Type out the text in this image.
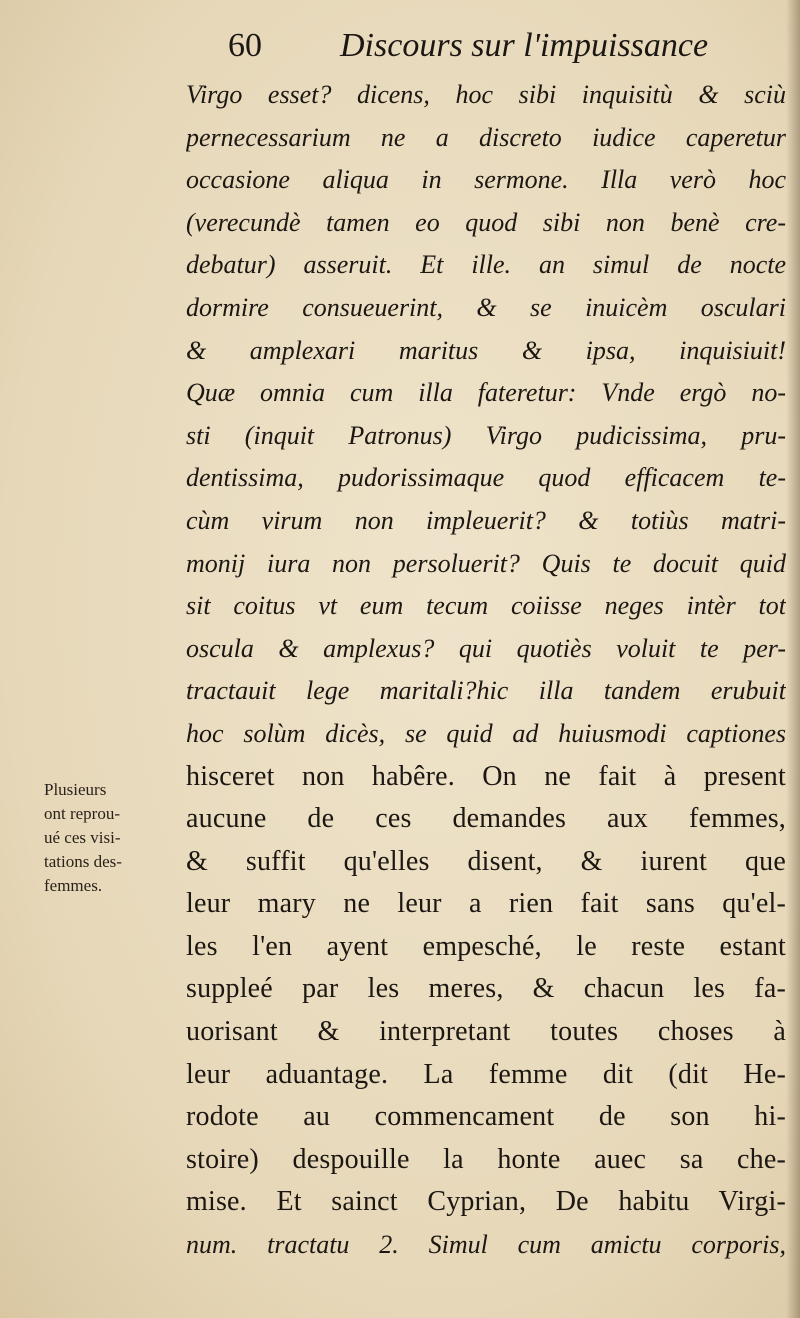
60 Discours sur l'impuissance
Virgo esset? dicens, hoc sibi inquisitù & sciù
pernecessarium ne a discreto iudice caperetur
occasione aliqua in sermone. Illa verò hoc
(verecundè tamen eo quod sibi non benè cre-
debatur) asseruit. Et ille. an simul de nocte
dormire consueuerint, & se inuicèm osculari
& amplexari maritus & ipsa, inquisiuit!
Quæ omnia cum illa fateretur: Vnde ergò no-
sti (inquit Patronus) Virgo pudicissima, pru-
dentissima, pudorissimaque quod efficacem te-
cùm virum non impleuerit? & totiùs matri-
monij iura non persoluerit? Quis te docuit quid
sit coitus vt eum tecum coiisse neges intèr tot
oscula & amplexus? qui quotiès voluit te per-
tractauit lege maritali?hic illa tandem erubuit
hoc solùm dicès, se quid ad huiusmodi captiones
hisceret non habêre. On ne fait à present
aucune de ces demandes aux femmes,
& suffit qu'elles disent, & iurent que
leur mary ne leur a rien fait sans qu'el-
les l'en ayent empesché, le reste estant
suppleé par les meres, & chacun les fa-
uorisant & interpretant toutes choses à
leur aduantage. La femme dit (dit He-
rodote au commencament de son hi-
stoire) despouille la honte auec sa che-
mise. Et sainct Cyprian, De habitu Virgi-
num. tractatu 2. Simul cum amictu corporis,
Plusieurs
ont reprou-
ué ces visi-
tations des-
femmes.
